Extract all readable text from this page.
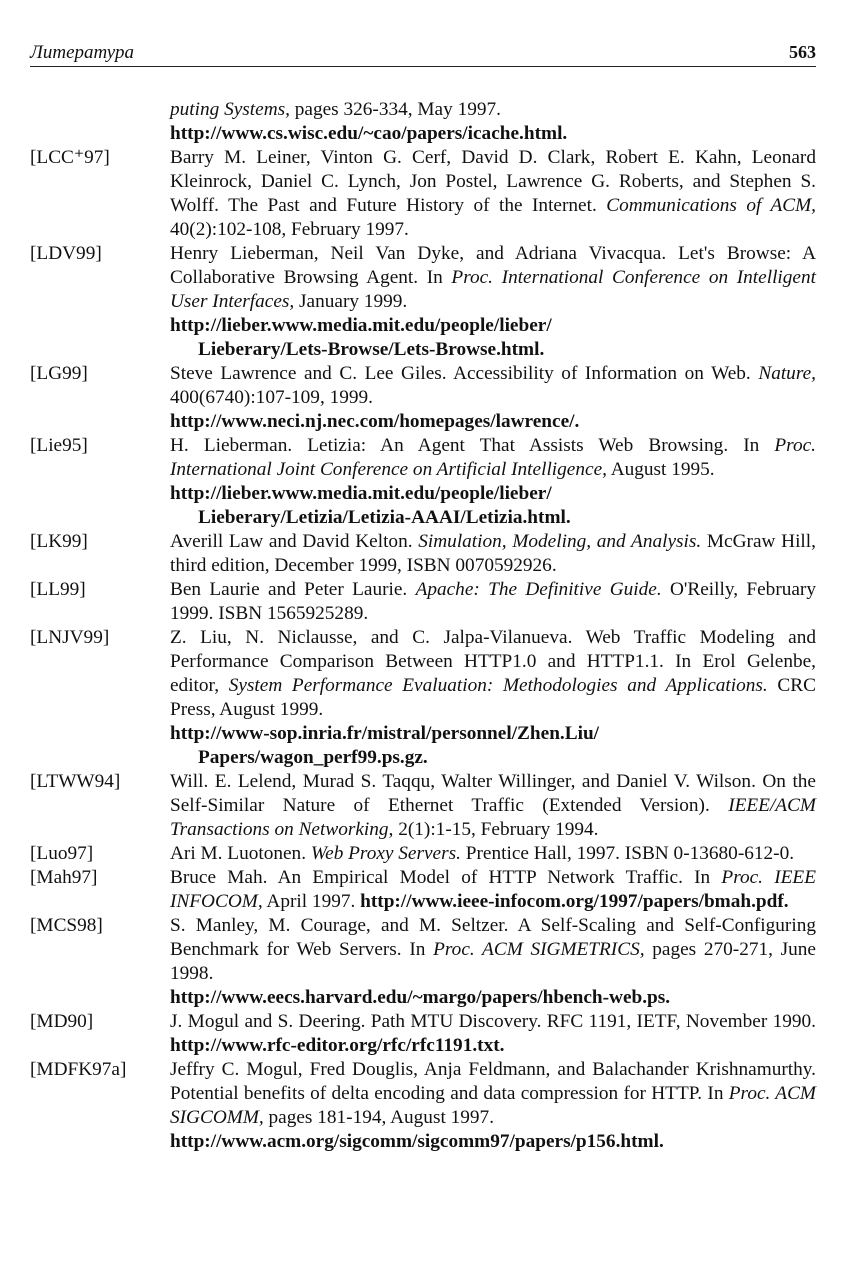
Литература	563
puting Systems, pages 326-334, May 1997.
http://www.cs.wisc.edu/~cao/papers/icache.html.
[LCC⁺97]	Barry M. Leiner, Vinton G. Cerf, David D. Clark, Robert E. Kahn, Leonard Kleinrock, Daniel C. Lynch, Jon Postel, Lawrence G. Roberts, and Stephen S. Wolff. The Past and Future History of the Internet. Communications of ACM, 40(2):102-108, February 1997.
[LDV99]	Henry Lieberman, Neil Van Dyke, and Adriana Vivacqua. Let's Browse: A Collaborative Browsing Agent. In Proc. International Conference on Intelligent User Interfaces, January 1999.
http://lieber.www.media.mit.edu/people/lieber/
Lieberary/Lets-Browse/Lets-Browse.html.
[LG99]	Steve Lawrence and C. Lee Giles. Accessibility of Information on Web. Nature, 400(6740):107-109, 1999.
http://www.neci.nj.nec.com/homepages/lawrence/.
[Lie95]	H. Lieberman. Letizia: An Agent That Assists Web Browsing. In Proc. International Joint Conference on Artificial Intelligence, August 1995.
http://lieber.www.media.mit.edu/people/lieber/
Lieberary/Letizia/Letizia-AAAI/Letizia.html.
[LK99]	Averill Law and David Kelton. Simulation, Modeling, and Analysis. McGraw Hill, third edition, December 1999, ISBN 0070592926.
[LL99]	Ben Laurie and Peter Laurie. Apache: The Definitive Guide. O'Reilly, February 1999. ISBN 1565925289.
[LNJV99]	Z. Liu, N. Niclausse, and C. Jalpa-Vilanueva. Web Traffic Modeling and Performance Comparison Between HTTP1.0 and HTTP1.1. In Erol Gelenbe, editor, System Performance Evaluation: Methodologies and Applications. CRC Press, August 1999.
http://www-sop.inria.fr/mistral/personnel/Zhen.Liu/
Papers/wagon_perf99.ps.gz.
[LTWW94]	Will. E. Lelend, Murad S. Taqqu, Walter Willinger, and Daniel V. Wilson. On the Self-Similar Nature of Ethernet Traffic (Extended Version). IEEE/ACM Transactions on Networking, 2(1):1-15, February 1994.
[Luo97]	Ari M. Luotonen. Web Proxy Servers. Prentice Hall, 1997. ISBN 0-13680-612-0.
[Mah97]	Bruce Mah. An Empirical Model of HTTP Network Traffic. In Proc. IEEE INFOCOM, April 1997. http://www.ieee-infocom.org/1997/papers/bmah.pdf.
[MCS98]	S. Manley, M. Courage, and M. Seltzer. A Self-Scaling and Self-Configuring Benchmark for Web Servers. In Proc. ACM SIGMETRICS, pages 270-271, June 1998.
http://www.eecs.harvard.edu/~margo/papers/hbench-web.ps.
[MD90]	J. Mogul and S. Deering. Path MTU Discovery. RFC 1191, IETF, November 1990. http://www.rfc-editor.org/rfc/rfc1191.txt.
[MDFK97a] Jeffry C. Mogul, Fred Douglis, Anja Feldmann, and Balachander Krishnamurthy. Potential benefits of delta encoding and data compression for HTTP. In Proc. ACM SIGCOMM, pages 181-194, August 1997.
http://www.acm.org/sigcomm/sigcomm97/papers/p156.html.
